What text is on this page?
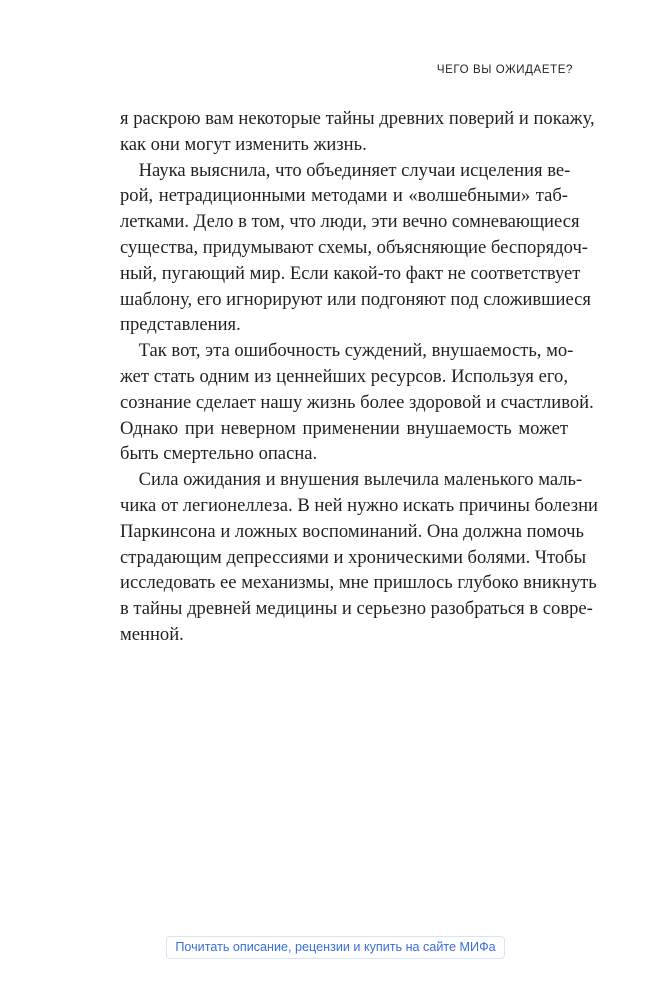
ЧЕГО ВЫ ОЖИДАЕТЕ?
я раскрою вам некоторые тайны древних поверий и покажу,
как они могут изменить жизнь.
 Наука выяснила, что объединяет случаи исцеления ве-
рой, нетрадиционными методами и «волшебными» таб-
летками. Дело в том, что люди, эти вечно сомневающиеся
существа, придумывают схемы, объясняющие беспорядоч-
ный, пугающий мир. Если какой-то факт не соответствует
шаблону, его игнорируют или подгоняют под сложившиеся
представления.
 Так вот, эта ошибочность суждений, внушаемость, мо-
жет стать одним из ценнейших ресурсов. Используя его,
сознание сделает нашу жизнь более здоровой и счастливой.
Однако при неверном применении внушаемость может
быть смертельно опасна.
 Сила ожидания и внушения вылечила маленького маль-
чика от легионеллеза. В ней нужно искать причины болезни
Паркинсона и ложных воспоминаний. Она должна помочь
страдающим депрессиями и хроническими болями. Чтобы
исследовать ее механизмы, мне пришлось глубоко вникнуть
в тайны древней медицины и серьезно разобраться в совре-
менной.
Почитать описание, рецензии и купить на сайте МИФа
